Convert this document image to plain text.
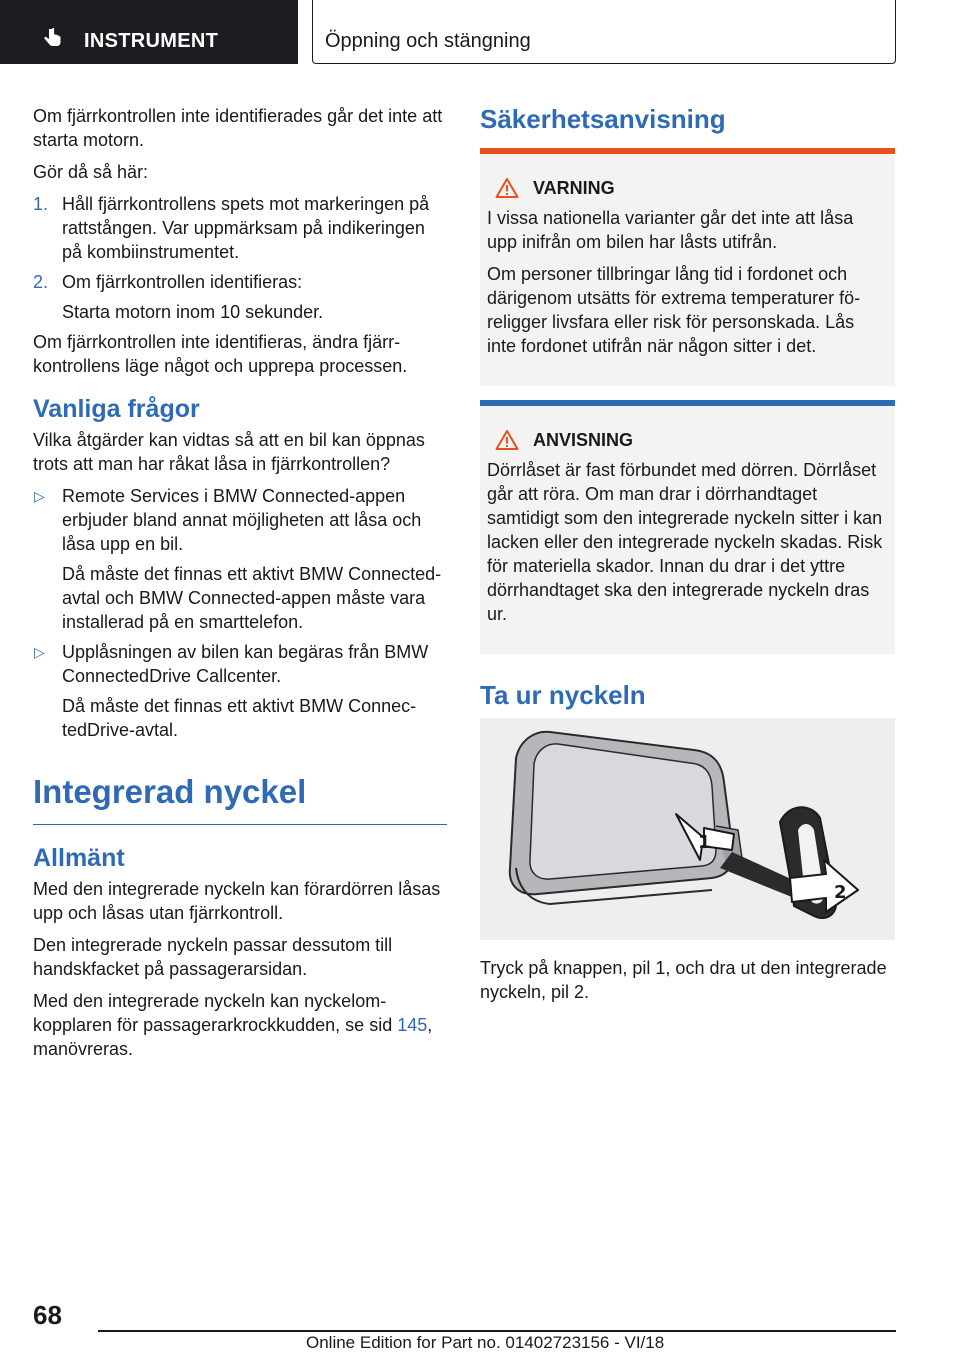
INSTRUMENT	Öppning och stängning

Om fjärrkontrollen inte identifierades går det inte att starta motorn.

Gör då så här:

1. Håll fjärrkontrollens spets mot markeringen på rattstången. Var uppmärksam på indikeringen på kombiinstrumentet.
2. Om fjärrkontrollen identifieras:
Starta motorn inom 10 sekunder.

Om fjärrkontrollen inte identifieras, ändra fjärrkontrollens läge något och upprepa processen.

Vanliga frågor

Vilka åtgärder kan vidtas så att en bil kan öppnas trots att man har råkat låsa in fjärrkontrollen?

▷ Remote Services i BMW Connected-appen erbjuder bland annat möjligheten att låsa och låsa upp en bil.
Då måste det finnas ett aktivt BMW Connected-avtal och BMW Connected-appen måste vara installerad på en smarttelefon.
▷ Upplåsningen av bilen kan begäras från BMW ConnectedDrive Callcenter.
Då måste det finnas ett aktivt BMW ConnectedDrive-avtal.
Integrerad nyckel
Allmänt

Med den integrerade nyckeln kan förardörren låsas upp och låsas utan fjärrkontroll.

Den integrerade nyckeln passar dessutom till handskfacket på passagerarsidan.

Med den integrerade nyckeln kan nyckelomkopplaren för passagerarkrockkudden, se sid 145, manövreras.

Säkerhetsanvisning
VARNING

I vissa nationella varianter går det inte att låsa upp inifrån om bilen har låsts utifrån.

Om personer tillbringar lång tid i fordonet och därigenom utsätts för extrema temperaturer föreligger livsfara eller risk för personskada. Lås inte fordonet utifrån när någon sitter i det.

ANVISNING

Dörrlåset är fast förbundet med dörren. Dörrlåset går att röra. Om man drar i dörrhandtaget samtidigt som den integrerade nyckeln sitter i kan lacken eller den integrerade nyckeln skadas. Risk för materiella skador. Innan du drar i det yttre dörrhandtaget ska den integrerade nyckeln dras ur.

Ta ur nyckeln
1
2

Tryck på knappen, pil 1, och dra ut den integrerade nyckeln, pil 2.

68
Online Edition for Part no. 01402723156 - VI/18
